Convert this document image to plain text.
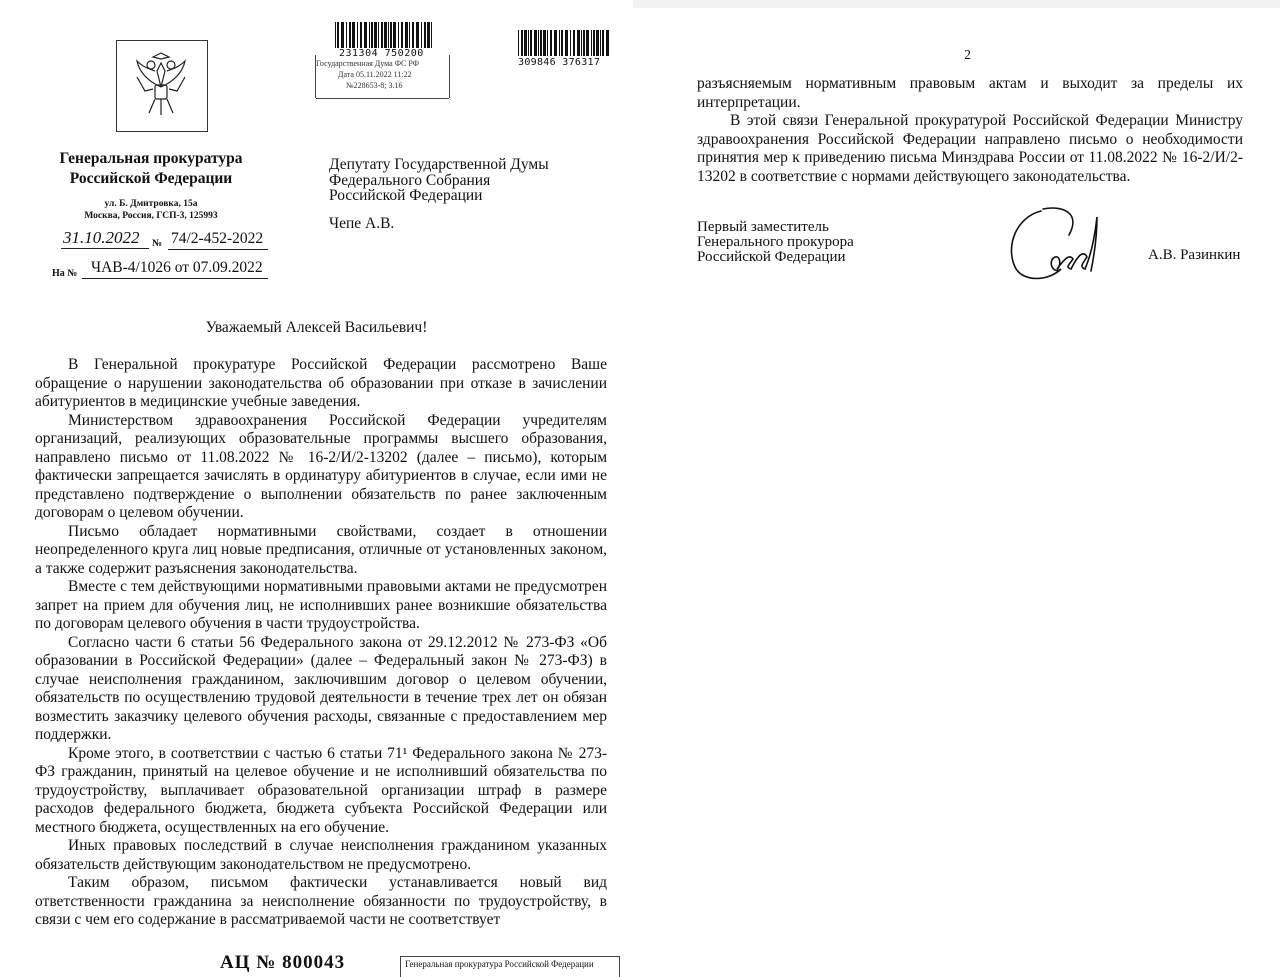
Генеральная прокуратура
Российской Федерации
ул. Б. Дмитровка, 15а
Москва, Россия, ГСП-3, 125993
31.10.2022 № 74/2-452-2022
На № ЧАВ-4/1026 от 07.09.2022
231304 750200
309846 376317
Государственная Дума ФС РФ
Дата 05.11.2022 11:22
№228653-8; 3.16
Депутату Государственной Думы
Федерального Собрания
Российской Федерации
Чепе А.В.
Уважаемый Алексей Васильевич!

В Генеральной прокуратуре Российской Федерации рассмотрено Ваше обращение о нарушении законодательства об образовании при отказе в зачислении абитуриентов в медицинские учебные заведения.

Министерством здравоохранения Российской Федерации учредителям организаций, реализующих образовательные программы высшего образования, направлено письмо от 11.08.2022 № 16-2/И/2-13202 (далее – письмо), которым фактически запрещается зачислять в ординатуру абитуриентов в случае, если ими не представлено подтверждение о выполнении обязательств по ранее заключенным договорам о целевом обучении.

Письмо обладает нормативными свойствами, создает в отношении неопределенного круга лиц новые предписания, отличные от установленных законом, а также содержит разъяснения законодательства.

Вместе с тем действующими нормативными правовыми актами не предусмотрен запрет на прием для обучения лиц, не исполнивших ранее возникшие обязательства по договорам целевого обучения в части трудоустройства.

Согласно части 6 статьи 56 Федерального закона от 29.12.2012 № 273-ФЗ «Об образовании в Российской Федерации» (далее – Федеральный закон № 273-ФЗ) в случае неисполнения гражданином, заключившим договор о целевом обучении, обязательств по осуществлению трудовой деятельности в течение трех лет он обязан возместить заказчику целевого обучения расходы, связанные с предоставлением мер поддержки.

Кроме этого, в соответствии с частью 6 статьи 71¹ Федерального закона № 273-ФЗ гражданин, принятый на целевое обучение и не исполнивший обязательства по трудоустройству, выплачивает образовательной организации штраф в размере расходов федерального бюджета, бюджета субъекта Российской Федерации или местного бюджета, осуществленных на его обучение.

Иных правовых последствий в случае неисполнения гражданином указанных обязательств действующим законодательством не предусмотрено.

Таким образом, письмом фактически устанавливается новый вид ответственности гражданина за неисполнение обязанности по трудоустройству, в связи с чем его содержание в рассматриваемой части не соответствует

АЦ № 800043	Генеральная прокуратура Российской Федерации
2

разъясняемым нормативным правовым актам и выходит за пределы их интерпретации.

В этой связи Генеральной прокуратурой Российской Федерации Министру здравоохранения Российской Федерации направлено письмо о необходимости принятия мер к приведению письма Минздрава России от 11.08.2022 № 16-2/И/2-13202 в соответствие с нормами действующего законодательства.

Первый заместитель
Генерального прокурора
Российской Федерации	А.В. Разинкин
